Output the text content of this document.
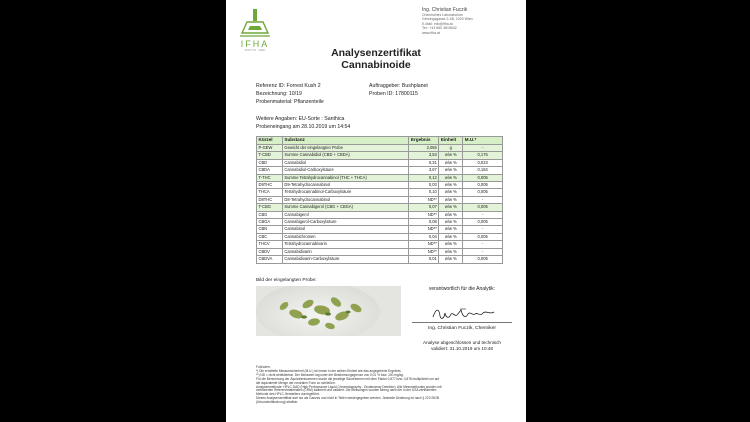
IFHA
INSTITUT · WIEN
Ing. Christian Fuczik
Chemisches Laboratorium
Gehringsgasse 2-4B, 1020 Wien
E-Mail: info@ifha.at
Tel.: +43 660 3815642
www.ifha.at
Analysenzertifikat
Cannabinoide
Referenz ID: Forrest Kush 2
Bezeichnung: 10/19
Probenmaterial: Pflanzenteile
Auftraggeber: Bushplanet
Proben ID: 17800115
Weitere Angaben: EU-Sorte : Santhica
Probeneingang am 28.10.2019 um 14:54
Kürzel	Substanz	Ergebnis	Einheit	M.U.*
P-GEW	Gewicht der eingelangten Probe	2,055	g	-
T-CBD	Summe Cannabidiol (CBD + CBDA)	3,53	w/w %	0,176
CBD	Cannabidiol	0,31	w/w %	0,023
CBDA	Cannabidiol-Carboxylsäure	3,67	w/w %	0,184
T-THC	Summe Tetrahydrocannabinol (THC + THCA)	0,12	w/w %	0,005
D9THC	D9-Tetrahydrocannabinol	0,03	w/w %	0,005
THCA	Tetrahydrocannabinol-Carboxylsäure	0,10	w/w %	0,005
D8THC	D8-Tetrahydrocannabinol	ND**	w/w %	-
T-CBG	Summe Cannabigerol (CBG + CBGA)	0,07	w/w %	0,005
CBG	Cannabigerol	ND**	w/w %	-
CBGA	Cannabigerol-Carboxylsäure	0,08	w/w %	0,005
CBN	Cannabinol	ND**	w/w %	-
CBC	Cannabichromen	0,04	w/w %	0,005
THCV	Tetrahydrocannabivarin	ND**	w/w %	-
CBDV	Cannabidivarin	ND**	w/w %	-
CBDVA	Cannabidivarin-Carboxylsäure	0,01	w/w %	0,005
Bild der eingelangten Probe:
verantwortlich für die Analytik:
Ing. Christian Fuczik, Chemiker
Analyse abgeschlossen und technisch
validiert: 31.10.2019 um 10:48
Fußnoten:
*) Die ermittelte Messunsicherheit (M.U.) ist immer in der selben Einheit wie das angegebene Ergebnis
**) ND = nicht detektierbar. Der Messwert lag unter der Bestimmungsgrenze von 0,01 % bzw. 100 mg/kg.
Für die Berechnung der Äquivalentsummen wurde die jeweilige Säureformen mit dem Faktor 0,877 bzw. 0,878 multipliziert um auf
die äquivalente Menge der neutralen Form zu schließen.
Analysenmethode: HPLC-DAD (High Performance Liquid Chromatography - Diodenarray Detektor). Alle Messmethoden wurden mit
zertifizierten Referenzmaterialien (CRM) kalibriert und validiert. Die Messungen wurden streng nach der in der USA zertifizierten
Methode des HPLC-Herstellers durchgeführt.
Dieses Analysenzertifikat darf nur als Ganzes und nicht in Teilen wiedergegeben werden. Jedwede Änderung ist nach § 223 StGB
(Urkundenfälschung) strafbar.
